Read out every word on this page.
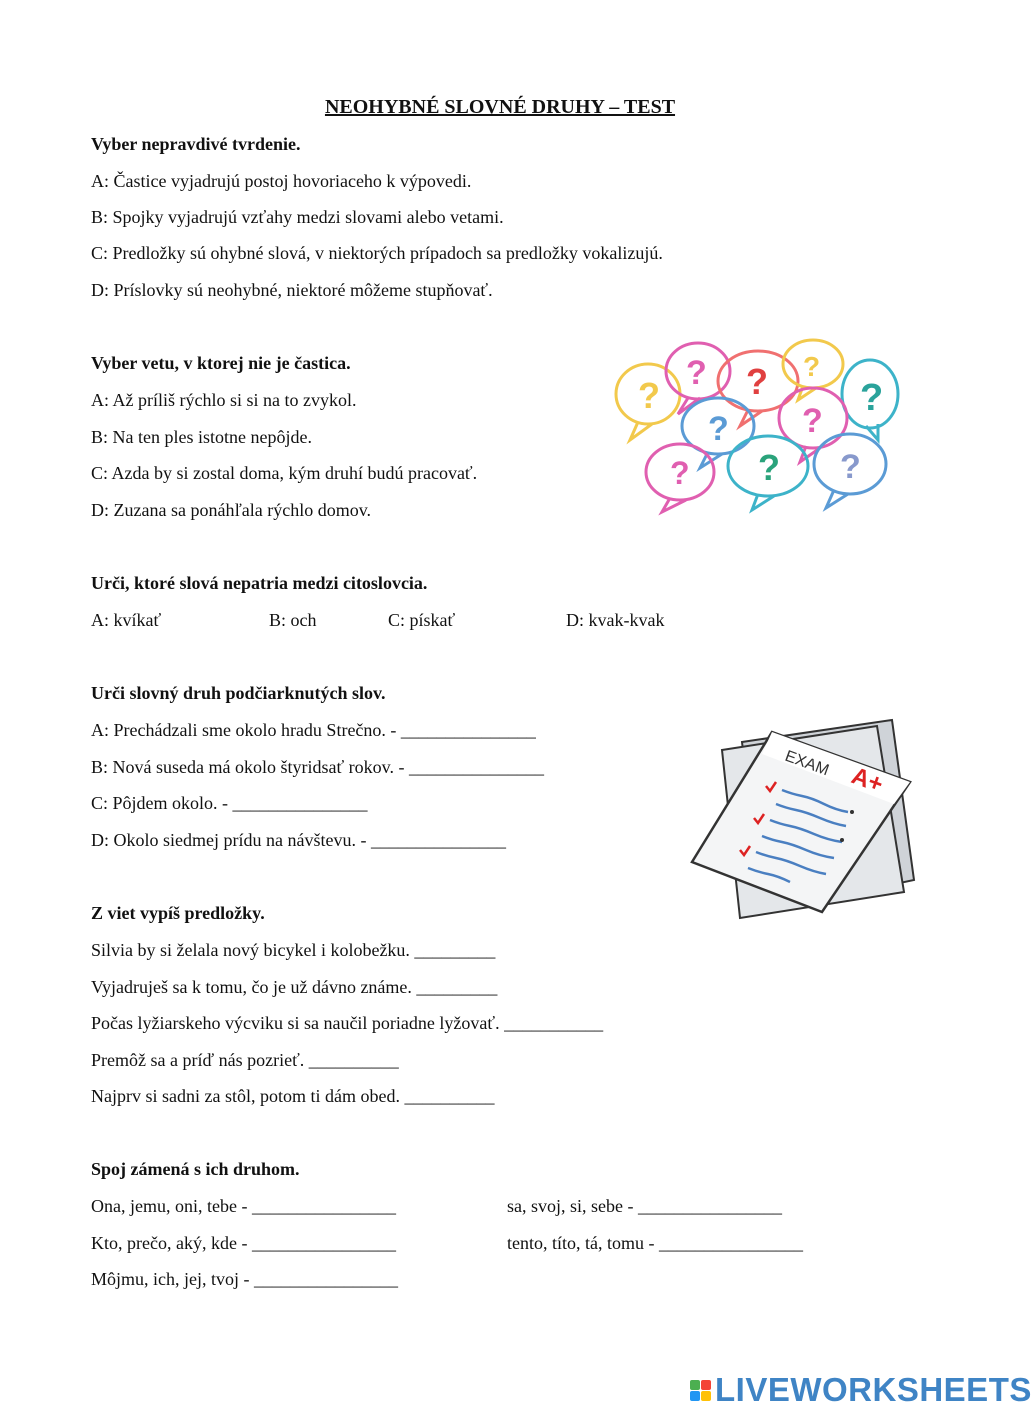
NEOHYBNÉ SLOVNÉ DRUHY – TEST
Vyber nepravdivé tvrdenie.
A: Častice vyjadrujú postoj hovoriaceho k výpovedi.
B: Spojky vyjadrujú vzťahy medzi slovami alebo vetami.
C: Predložky sú ohybné slová, v niektorých prípadoch sa predložky vokalizujú.
D: Príslovky sú neohybné, niektoré môžeme stupňovať.
Vyber vetu, v ktorej nie je častica.
A: Až príliš rýchlo si si na to zvykol.
B: Na ten ples istotne nepôjde.
C: Azda by si zostal doma, kým druhí budú pracovať.
D: Zuzana sa ponáhľala rýchlo domov.
?
? ? ?
?
? ?
? ? ?
Urči, ktoré slová nepatria medzi citoslovcia.
A: kvíkať	B: och	C: pískať	D: kvak-kvak
Urči slovný druh podčiarknutých slov.
A: Prechádzali sme okolo hradu Strečno. - _______________
B: Nová suseda má okolo štyridsať rokov. - _______________
C: Pôjdem okolo. - _______________
D: Okolo siedmej prídu na návštevu. - _______________
EXAM A+
Z viet vypíš predložky.
Silvia by si želala nový bicykel i kolobežku. _________
Vyjadruješ sa k tomu, čo je už dávno známe. _________
Počas lyžiarskeho výcviku si sa naučil poriadne lyžovať. ___________
Premôž sa a príď nás pozrieť. __________
Najprv si sadni za stôl, potom ti dám obed. __________
Spoj zámená s ich druhom.
Ona, jemu, oni, tebe - ________________	sa, svoj, si, sebe - ________________
Kto, prečo, aký, kde - ________________	tento, títo, tá, tomu - ________________
Môjmu, ich, jej, tvoj - ________________
LIVEWORKSHEETS
